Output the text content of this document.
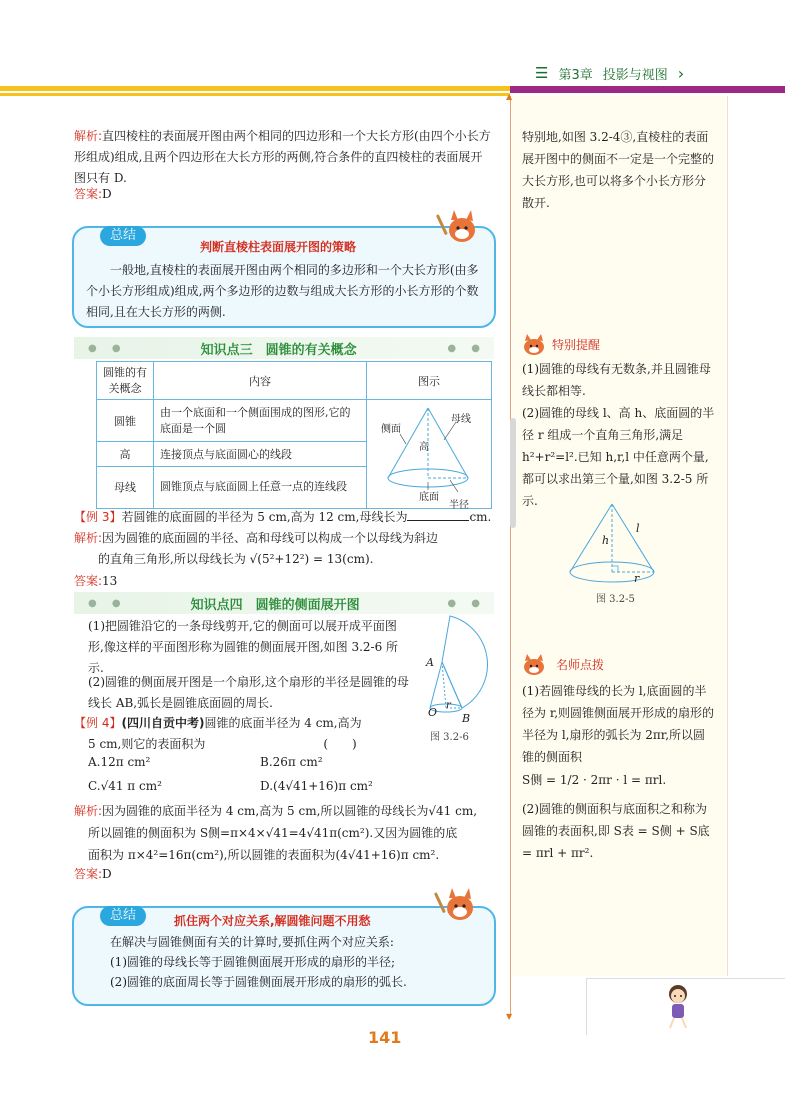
☰ 第3章 投影与视图 ›
▲
▼
解析:直四棱柱的表面展开图由两个相同的四边形和一个大长方形(由四个小长方形组成)组成,且两个四边形在大长方形的两侧,符合条件的直四棱柱的表面展开图只有 D.
答案:D
总结
判断直棱柱表面展开图的策略
一般地,直棱柱的表面展开图由两个相同的多边形和一个大长方形(由多个小长方形组成)组成,两个多边形的边数与组成大长方形的小长方形的个数相同,且在大长方形的两侧.
● ●	知识点三　圆锥的有关概念	● ●
圆锥的有关概念	内容	图示
圆锥	由一个底面和一个侧面围成的图形,它的底面是一个圆	侧面
母线
高
底面
半径

高	连接顶点与底面圆心的线段	
母线	圆锥顶点与底面圆上任意一点的连线段	
【例 3】若圆锥的底面圆的半径为 5 cm,高为 12 cm,母线长为	cm.
解析:因为圆锥的底面圆的半径、高和母线可以构成一个以母线为斜边
的直角三角形,所以母线长为 √(5²+12²) = 13(cm).
答案:13
● ●	知识点四　圆锥的侧面展开图	● ●
(1)把圆锥沿它的一条母线剪开,它的侧面可以展开成平面图形,像这样的平面图形称为圆锥的侧面展开图,如图 3.2-6 所示.
(2)圆锥的侧面展开图是一个扇形,这个扇形的半径是圆锥的母线长 AB,弧长是圆锥底面圆的周长.
A
O
r
B
图 3.2-6
【例 4】(四川自贡中考)圆锥的底面半径为 4 cm,高为
5 cm,则它的表面积为	(　　)
A.12π cm²	B.26π cm²
C.√41 π cm²	D.(4√41+16)π cm²
解析:因为圆锥的底面半径为 4 cm,高为 5 cm,所以圆锥的母线长为√41 cm,
所以圆锥的侧面积为 S侧=π×4×√41=4√41π(cm²).又因为圆锥的底
面积为 π×4²=16π(cm²),所以圆锥的表面积为(4√41+16)π cm².
答案:D
总结	抓住两个对应关系,解圆锥问题不用愁
在解决与圆锥侧面有关的计算时,要抓住两个对应关系:
(1)圆锥的母线长等于圆锥侧面展开形成的扇形的半径;
(2)圆锥的底面周长等于圆锥侧面展开形成的扇形的弧长.
141
特别地,如图 3.2-4③,直棱柱的表面展开图中的侧面不一定是一个完整的大长方形,也可以将多个小长方形分散开.
特别提醒
(1)圆锥的母线有无数条,并且圆锥母线长都相等.
(2)圆锥的母线 l、高 h、底面圆的半径 r 组成一个直角三角形,满足 h²+r²=l².已知 h,r,l 中任意两个量,都可以求出第三个量,如图 3.2-5 所示.
l
h
r
图 3.2-5
名师点拨
(1)若圆锥母线的长为 l,底面圆的半径为 r,则圆锥侧面展开形成的扇形的半径为 l,扇形的弧长为 2πr,所以圆锥的侧面积
S侧 = 1/2 · 2πr · l = πrl.
(2)圆锥的侧面积与底面积之和称为圆锥的表面积,即 S表 = S侧 + S底 = πrl + πr².
